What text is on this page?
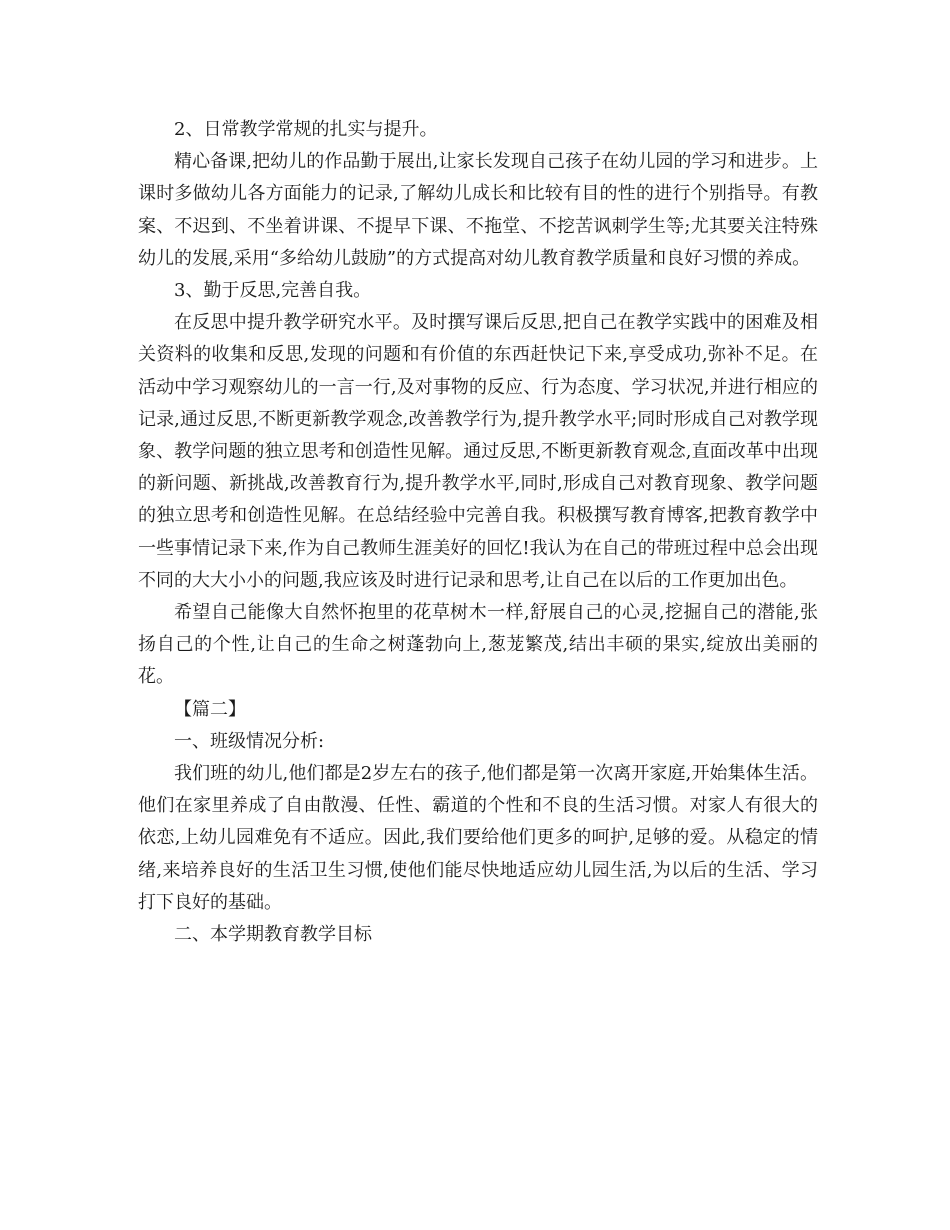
2、日常教学常规的扎实与提升。

精心备课,把幼儿的作品勤于展出,让家长发现自己孩子在幼儿园的学习和进步。上课时多做幼儿各方面能力的记录,了解幼儿成长和比较有目的性的进行个别指导。有教案、不迟到、不坐着讲课、不提早下课、不拖堂、不挖苦讽刺学生等;尤其要关注特殊幼儿的发展,采用“多给幼儿鼓励”的方式提高对幼儿教育教学质量和良好习惯的养成。

3、勤于反思,完善自我。

在反思中提升教学研究水平。及时撰写课后反思,把自己在教学实践中的困难及相关资料的收集和反思,发现的问题和有价值的东西赶快记下来,享受成功,弥补不足。在活动中学习观察幼儿的一言一行,及对事物的反应、行为态度、学习状况,并进行相应的记录,通过反思,不断更新教学观念,改善教学行为,提升教学水平;同时形成自己对教学现象、教学问题的独立思考和创造性见解。通过反思,不断更新教育观念,直面改革中出现的新问题、新挑战,改善教育行为,提升教学水平,同时,形成自己对教育现象、教学问题的独立思考和创造性见解。在总结经验中完善自我。积极撰写教育博客,把教育教学中一些事情记录下来,作为自己教师生涯美好的回忆!我认为在自己的带班过程中总会出现不同的大大小小的问题,我应该及时进行记录和思考,让自己在以后的工作更加出色。

希望自己能像大自然怀抱里的花草树木一样,舒展自己的心灵,挖掘自己的潜能,张扬自己的个性,让自己的生命之树蓬勃向上,葱茏繁茂,结出丰硕的果实,绽放出美丽的花。

【篇二】

一、班级情况分析:

我们班的幼儿,他们都是2岁左右的孩子,他们都是第一次离开家庭,开始集体生活。他们在家里养成了自由散漫、任性、霸道的个性和不良的生活习惯。对家人有很大的依恋,上幼儿园难免有不适应。因此,我们要给他们更多的呵护,足够的爱。从稳定的情绪,来培养良好的生活卫生习惯,使他们能尽快地适应幼儿园生活,为以后的生活、学习打下良好的基础。

二、本学期教育教学目标
